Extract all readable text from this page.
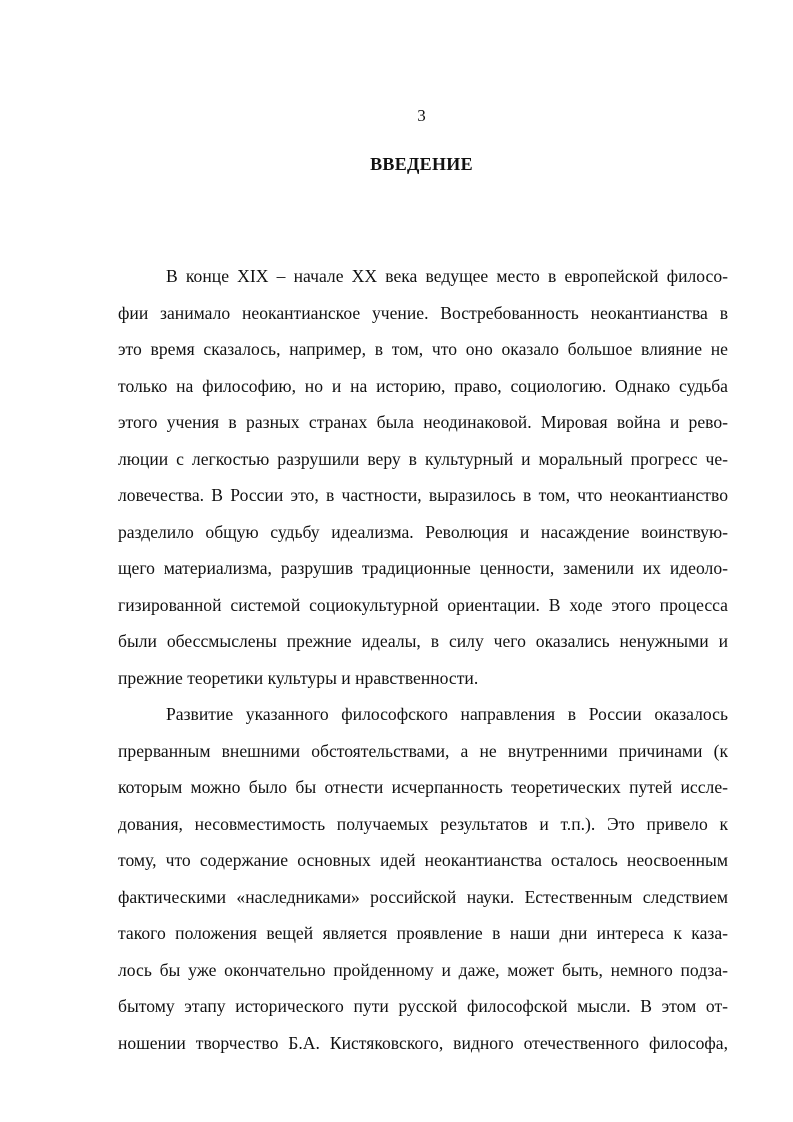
3
ВВЕДЕНИЕ
В конце XIX – начале XX века ведущее место в европейской филосо-
фии занимало неокантианское учение. Востребованность неокантианства в
это время сказалось, например, в том, что оно оказало большое влияние не
только на философию, но и на историю, право, социологию. Однако судьба
этого учения в разных странах была неодинаковой. Мировая война и рево-
люции с легкостью разрушили веру в культурный и моральный прогресс че-
ловечества. В России это, в частности, выразилось в том, что неокантианство
разделило общую судьбу идеализма. Революция и насаждение воинствую-
щего материализма, разрушив традиционные ценности, заменили их идеоло-
гизированной системой социокультурной ориентации. В ходе этого процесса
были обессмыслены прежние идеалы, в силу чего оказались ненужными и
прежние теоретики культуры и нравственности.
Развитие указанного философского направления в России оказалось
прерванным внешними обстоятельствами, а не внутренними причинами (к
которым можно было бы отнести исчерпанность теоретических путей иссле-
дования, несовместимость получаемых результатов и т.п.). Это привело к
тому, что содержание основных идей неокантианства осталось неосвоенным
фактическими «наследниками» российской науки. Естественным следствием
такого положения вещей является проявление в наши дни интереса к каза-
лось бы уже окончательно пройденному и даже, может быть, немного подза-
бытому этапу исторического пути русской философской мысли. В этом от-
ношении творчество Б.А. Кистяковского, видного отечественного философа,
